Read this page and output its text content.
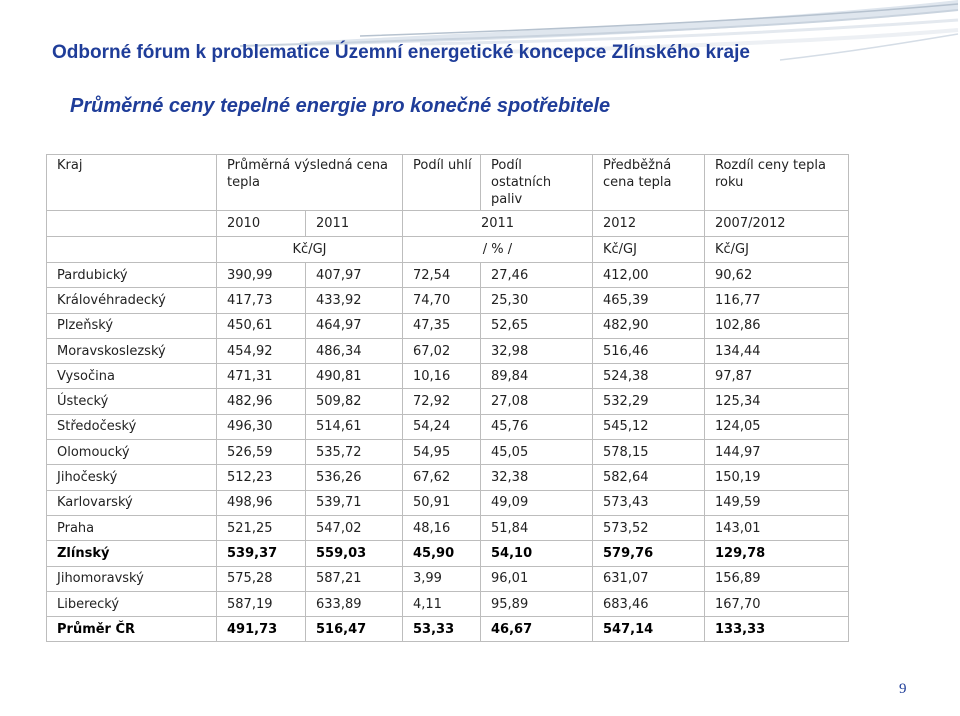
Odborné fórum k problematice Územní energetické koncepce Zlínského kraje
Průměrné ceny tepelné energie pro konečné spotřebitele
Kraj	Průměrná výsledná cena tepla		Podíl uhlí	Podíl ostatních paliv	Předběžná cena tepla	Rozdíl ceny tepla roku
	2010	2011	2011		2012	2007/2012
	Kč/GJ		/ % /		Kč/GJ	Kč/GJ
Pardubický	390,99	407,97	72,54	27,46	412,00	90,62
Královéhradecký	417,73	433,92	74,70	25,30	465,39	116,77
Plzeňský	450,61	464,97	47,35	52,65	482,90	102,86
Moravskoslezský	454,92	486,34	67,02	32,98	516,46	134,44
Vysočina	471,31	490,81	10,16	89,84	524,38	97,87
Ústecký	482,96	509,82	72,92	27,08	532,29	125,34
Středočeský	496,30	514,61	54,24	45,76	545,12	124,05
Olomoucký	526,59	535,72	54,95	45,05	578,15	144,97
Jihočeský	512,23	536,26	67,62	32,38	582,64	150,19
Karlovarský	498,96	539,71	50,91	49,09	573,43	149,59
Praha	521,25	547,02	48,16	51,84	573,52	143,01
Zlínský	539,37	559,03	45,90	54,10	579,76	129,78
Jihomoravský	575,28	587,21	3,99	96,01	631,07	156,89
Liberecký	587,19	633,89	4,11	95,89	683,46	167,70
Průměr ČR	491,73	516,47	53,33	46,67	547,14	133,33
9
